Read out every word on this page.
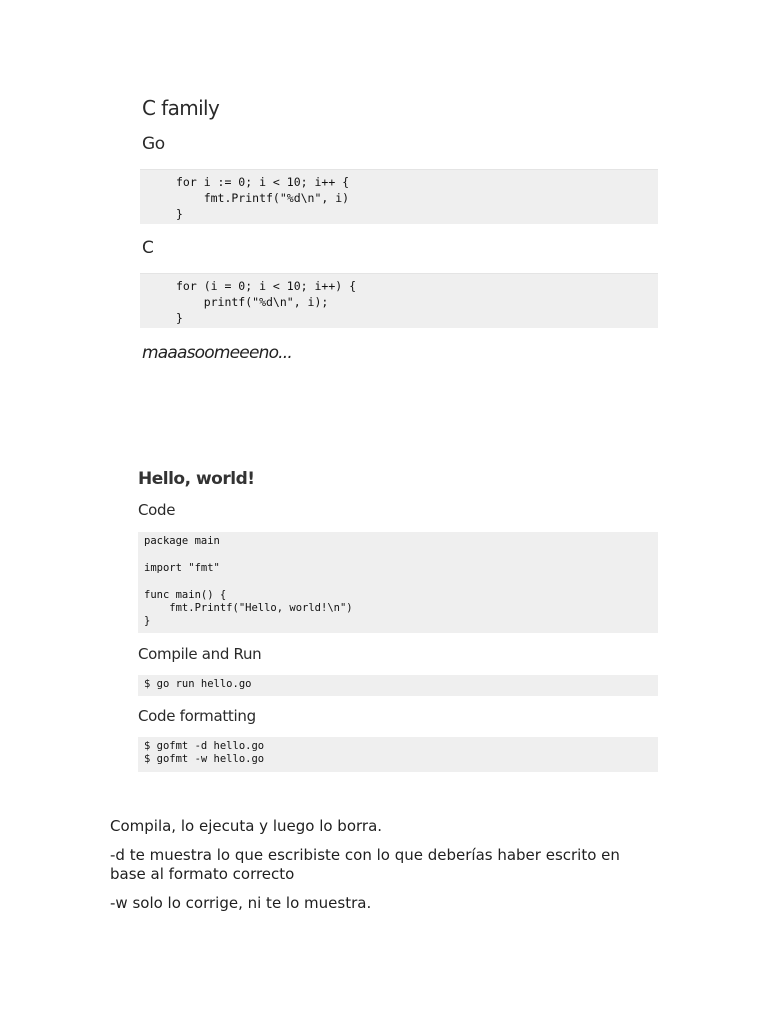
C family
Go
for i := 0; i < 10; i++ {
fmt.Printf("%d\n", i)
}
C
for (i = 0; i < 10; i++) {
printf("%d\n", i);
}
maaasoomeeeno...
Hello, world!
Code
package main

import "fmt"

func main() {
fmt.Printf("Hello, world!\n")
}
Compile and Run
$ go run hello.go
Code formatting
$ gofmt -d hello.go
$ gofmt -w hello.go
Compila, lo ejecuta y luego lo borra.
-d te muestra lo que escribiste con lo que deberías haber escrito en base al formato correcto
-w solo lo corrige, ni te lo muestra.
